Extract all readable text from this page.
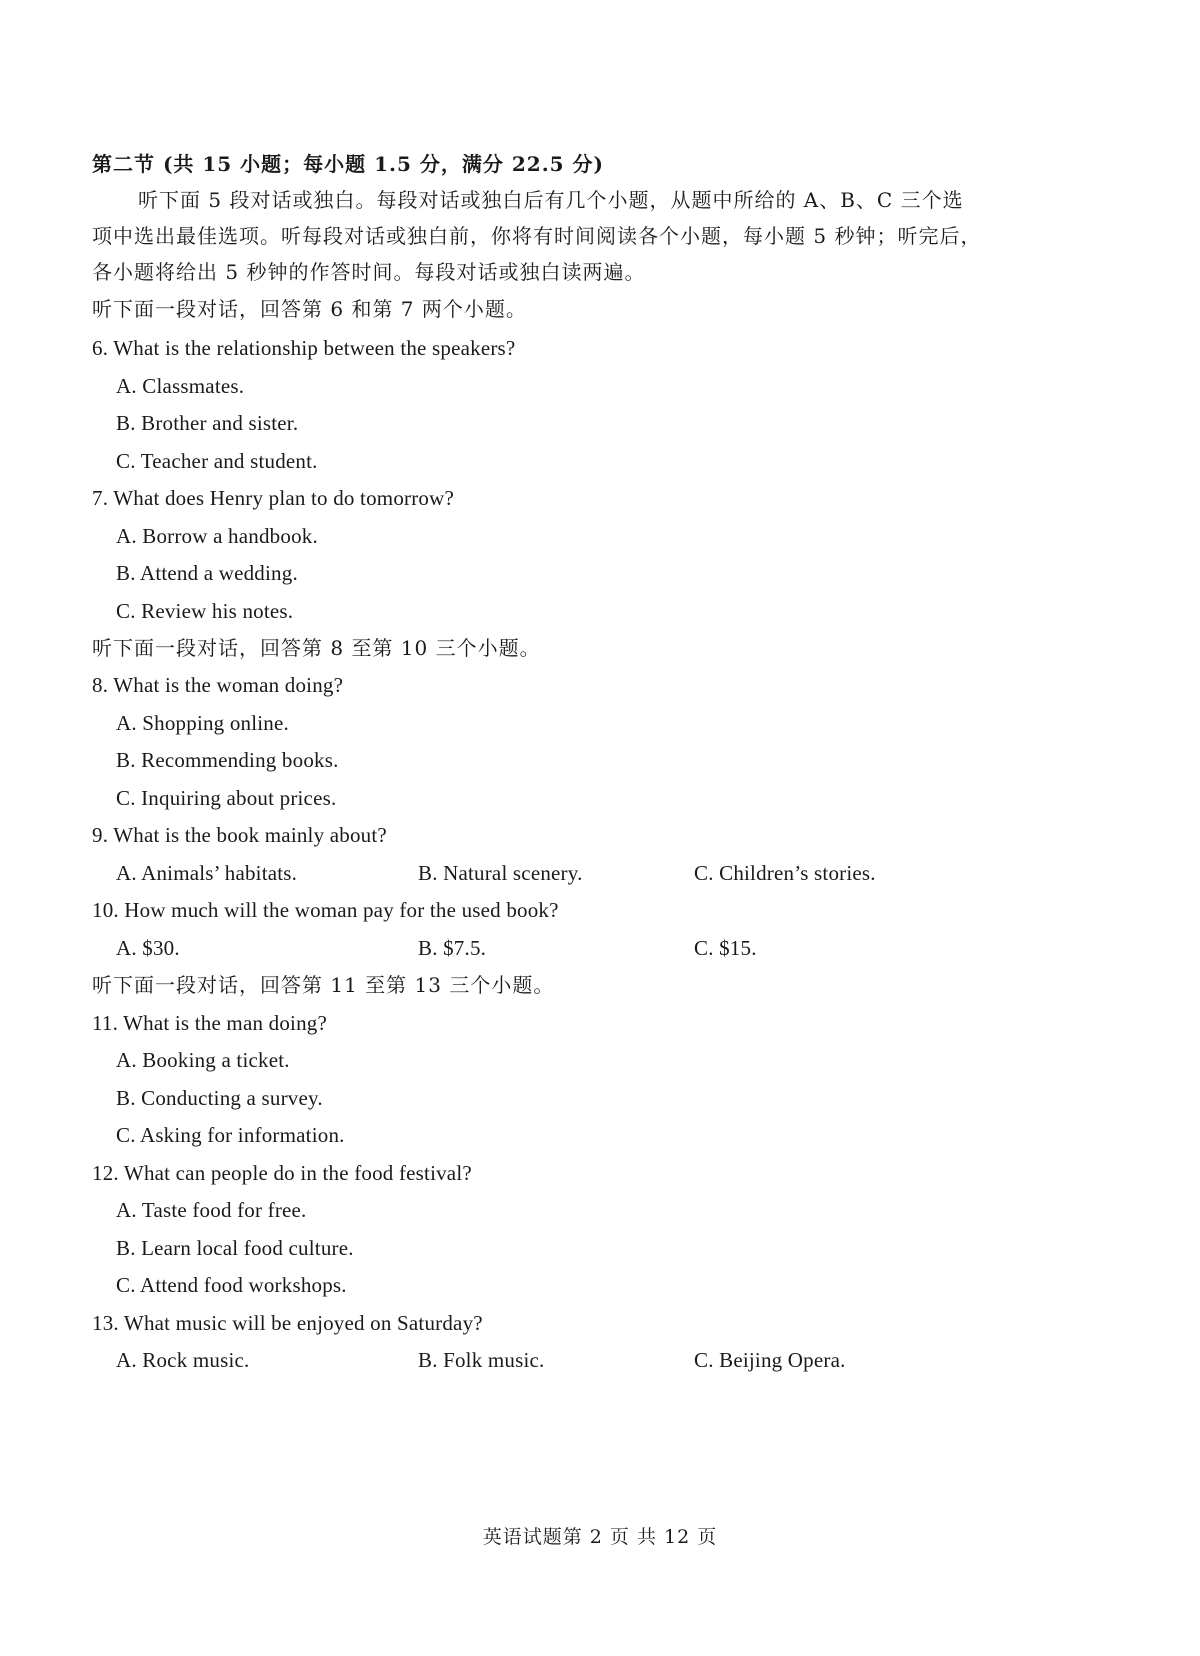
第二节 (共 15 小题；每小题 1.5 分，满分 22.5 分)
听下面 5 段对话或独白。每段对话或独白后有几个小题，从题中所给的 A、B、C 三个选
项中选出最佳选项。听每段对话或独白前，你将有时间阅读各个小题，每小题 5 秒钟；听完后，
各小题将给出 5 秒钟的作答时间。每段对话或独白读两遍。
听下面一段对话，回答第 6 和第 7 两个小题。
6. What is the relationship between the speakers?
A. Classmates.
B. Brother and sister.
C. Teacher and student.
7. What does Henry plan to do tomorrow?
A. Borrow a handbook.
B. Attend a wedding.
C. Review his notes.
听下面一段对话，回答第 8 至第 10 三个小题。
8. What is the woman doing?
A. Shopping online.
B. Recommending books.
C. Inquiring about prices.
9. What is the book mainly about?
A. Animals’ habitats.	B. Natural scenery.	C. Children’s stories.
10. How much will the woman pay for the used book?
A. $30.	B. $7.5.	C. $15.
听下面一段对话，回答第 11 至第 13 三个小题。
11. What is the man doing?
A. Booking a ticket.
B. Conducting a survey.
C. Asking for information.
12. What can people do in the food festival?
A. Taste food for free.
B. Learn local food culture.
C. Attend food workshops.
13. What music will be enjoyed on Saturday?
A. Rock music.	B. Folk music.	C. Beijing Opera.
英语试题第 2 页 共 12 页
